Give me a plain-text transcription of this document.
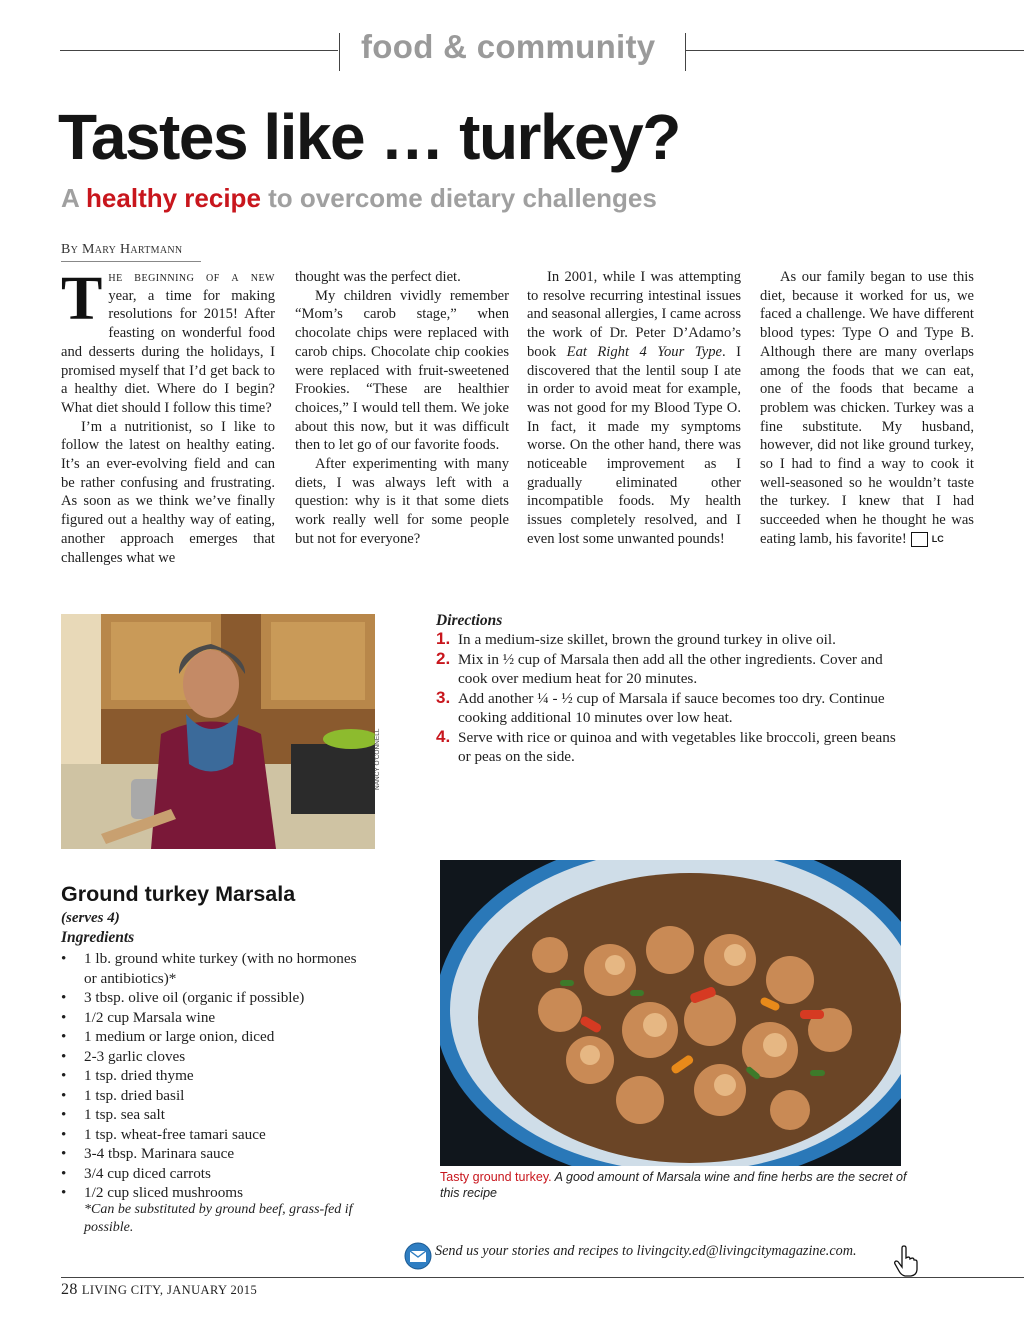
food & community
Tastes like … turkey?
A healthy recipe to overcome dietary challenges
By Mary Hartmann

The beginning of a new year, a time for making resolutions for 2015! After feasting on wonderful food and desserts during the holidays, I promised myself that I’d get back to a healthy diet. Where do I begin? What diet should I follow this time?

I’m a nutritionist, so I like to follow the latest on healthy eating. It’s an ever-evolving field and can be rather confusing and frustrating. As soon as we think we’ve finally figured out a healthy way of eating, another approach emerges that challenges what we

thought was the perfect diet.

My children vividly remember “Mom’s carob stage,” when chocolate chips were replaced with carob chips. Chocolate chip cookies were replaced with fruit-sweetened Frookies. “These are healthier choices,” I would tell them. We joke about this now, but it was difficult then to let go of our favorite foods.

After experimenting with many diets, I was always left with a question: why is it that some diets work really well for some people but not for everyone?

In 2001, while I was attempting to resolve recurring intestinal issues and seasonal allergies, I came across the work of Dr. Peter D’Adamo’s book Eat Right 4 Your Type. I discovered that the lentil soup I ate in order to avoid meat for example, was not good for my Blood Type O. In fact, it made my symptoms worse. On the other hand, there was noticeable improvement as I gradually eliminated other incompatible foods. My health issues completely resolved, and I even lost some unwanted pounds!

As our family began to use this diet, because it worked for us, we faced a challenge. We have different blood types: Type O and Type B. Although there are many overlaps among the foods that we can eat, one of the foods that became a problem was chicken. Turkey was a fine substitute. My husband, however, did not like ground turkey, so I had to find a way to cook it well-seasoned so he wouldn’t taste the turkey. I knew that I had succeeded when he thought he was eating lamb, his favorite!	LC

NANCY O'CONNELL
Directions
1. In a medium-size skillet, brown the ground turkey in olive oil.
2. Mix in ½ cup of Marsala then add all the other ingredients. Cover and cook over medium heat for 20 minutes.
3. Add another ¼ - ½ cup of Marsala if sauce becomes too dry. Continue cooking additional 10 minutes over low heat.
4. Serve with rice or quinoa and with vegetables like broccoli, green beans or peas on the side.
Ground turkey Marsala
(serves 4)
Ingredients
• 1 lb. ground white turkey (with no hormones or antibiotics)*
• 3 tbsp. olive oil (organic if possible)
• 1/2 cup Marsala wine
• 1 medium or large onion, diced
• 2-3 garlic cloves
• 1 tsp. dried thyme
• 1 tsp. dried basil
• 1 tsp. sea salt
• 1 tsp. wheat-free tamari sauce
• 3-4 tbsp. Marinara sauce
• 3/4 cup diced carrots
• 1/2 cup sliced mushrooms
*Can be substituted by ground beef, grass-fed if possible.
Tasty ground turkey. A good amount of Marsala wine and fine herbs are the secret of this recipe
Send us your stories and recipes to livingcity.ed@livingcitymagazine.com.
28 LIVING CITY, JANUARY 2015
